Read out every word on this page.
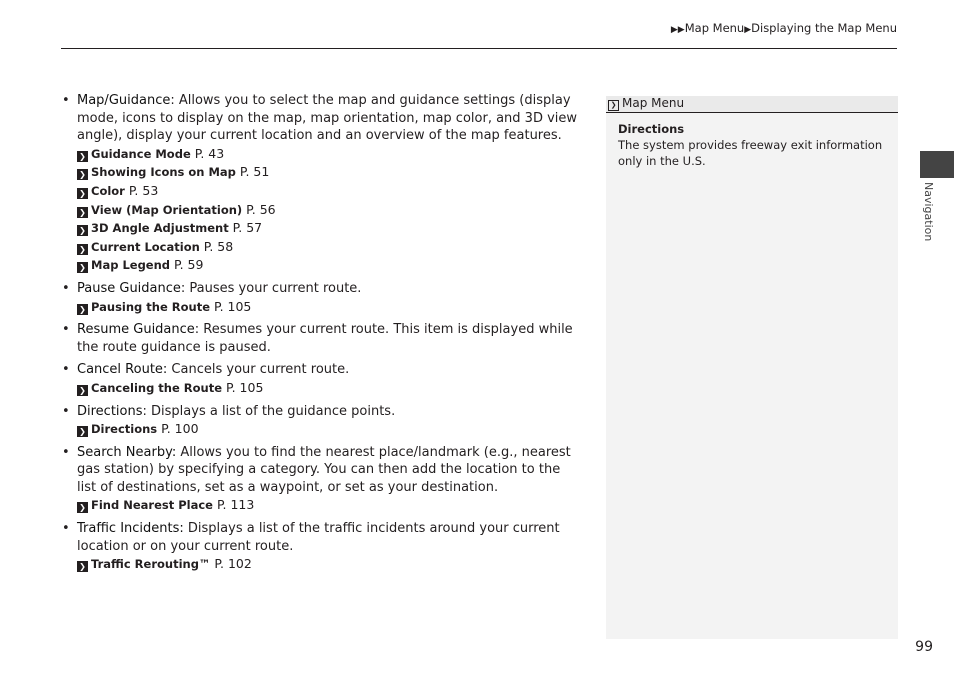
▶▶Map Menu▶Displaying the Map Menu
• Map/Guidance: Allows you to select the map and guidance settings (display mode, icons to display on the map, map orientation, map color, and 3D view angle), display your current location and an overview of the map features.
❯ Guidance Mode P. 43
❯ Showing Icons on Map P. 51
❯ Color P. 53
❯ View (Map Orientation) P. 56
❯ 3D Angle Adjustment P. 57
❯ Current Location P. 58
❯ Map Legend P. 59
• Pause Guidance: Pauses your current route.
❯ Pausing the Route P. 105
• Resume Guidance: Resumes your current route. This item is displayed while the route guidance is paused.
• Cancel Route: Cancels your current route.
❯ Canceling the Route P. 105
• Directions: Displays a list of the guidance points.
❯ Directions P. 100
• Search Nearby: Allows you to find the nearest place/landmark (e.g., nearest gas station) by specifying a category. You can then add the location to the list of destinations, set as a waypoint, or set as your destination.
❯ Find Nearest Place P. 113
• Traffic Incidents: Displays a list of the traffic incidents around your current location or on your current route.
❯ Traffic Rerouting™ P. 102
❯ Map Menu
Directions
The system provides freeway exit information only in the U.S.
Navigation
99
